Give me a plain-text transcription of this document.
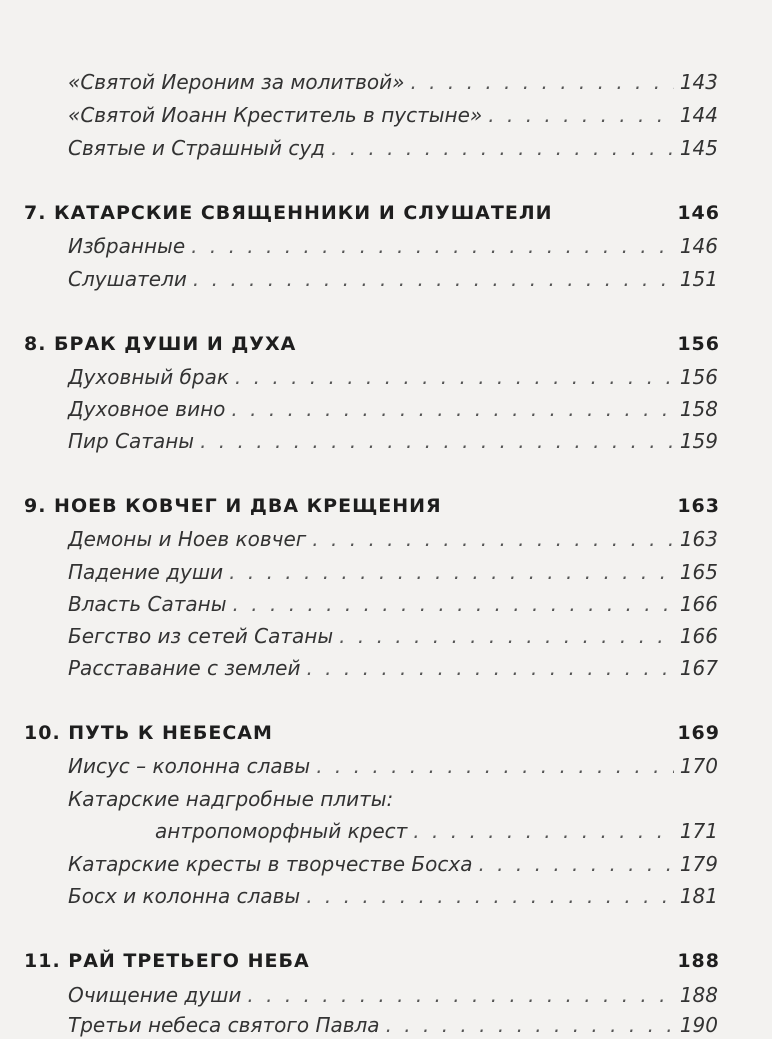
«Святой Иероним за молитвой» . . .	143
«Святой Иоанн Креститель в пустыне» . . .	144
Святые и Страшный суд . . .	145
7. КАТАРСКИЕ СВЯЩЕННИКИ И СЛУШАТЕЛИ	146
Избранные . . .	146
Слушатели . . .	151
8. БРАК ДУШИ И ДУХА	156
Духовный брак . . .	156
Духовное вино . . .	158
Пир Сатаны . . .	159
9. НОЕВ КОВЧЕГ И ДВА КРЕЩЕНИЯ	163
Демоны и Ноев ковчег . . .	163
Падение души . . .	165
Власть Сатаны . . .	166
Бегство из сетей Сатаны . . .	166
Расставание с землей . . .	167
10. ПУТЬ К НЕБЕСАМ	169
Иисус – колонна славы . . .	170
Катарские надгробные плиты:
антропоморфный крест . . .	171
Катарские кресты в творчестве Босха . . .	179
Босх и колонна славы . . .	181
11. РАЙ ТРЕТЬЕГО НЕБА	188
Очищение души . . .	188
Третьи небеса святого Павла . . .	190
